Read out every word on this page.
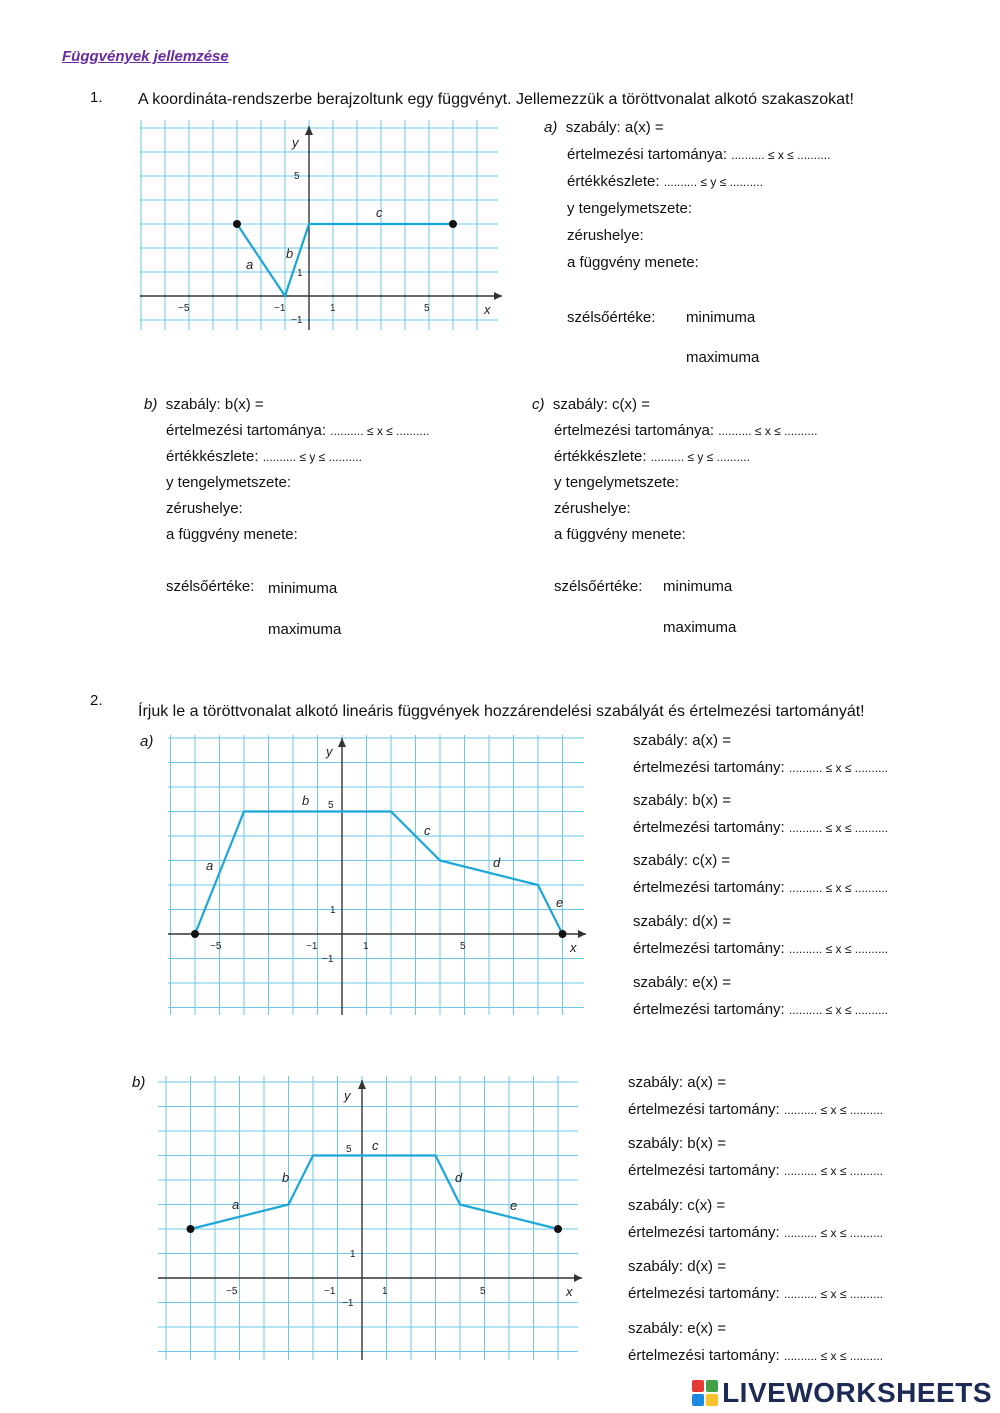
Függvények jellemzése
1. A koordináta-rendszerbe berajzoltunk egy függvényt. Jellemezzük a töröttvonalat alkotó szakaszokat!
x
y
−5	−1	1	5
5
1
−1
a
b
c
a) szabály: a(x) =
értelmezési tartománya: .......... ≤ x ≤ ..........
értékkészlete: .......... ≤ y ≤ ..........
y tengelymetszete:
zérushelye:
a függvény menete:
szélsőértéke: minimuma
maximuma
b) szabály: b(x) =
értelmezési tartománya: .......... ≤ x ≤ ..........
értékkészlete: .......... ≤ y ≤ ..........
y tengelymetszete:
zérushelye:
a függvény menete:
szélsőértéke: minimuma
maximuma
c) szabály: c(x) =
értelmezési tartománya: .......... ≤ x ≤ ..........
értékkészlete: .......... ≤ y ≤ ..........
y tengelymetszete:
zérushelye:
a függvény menete:
szélsőértéke: minimuma
maximuma
2.
Írjuk le a töröttvonalat alkotó lineáris függvények hozzárendelési szabályát és értelmezési tartományát!
a)
b)
x
y
−5	−1	1	5
5
1
−1
a
b
c
d
e
x
y
−5	−1	1	5
5
1
−1
a
b
c
d
e
szabály: a(x) =
értelmezési tartomány: .......... ≤ x ≤ ..........
szabály: b(x) =
értelmezési tartomány: .......... ≤ x ≤ ..........
szabály: c(x) =
értelmezési tartomány: .......... ≤ x ≤ ..........
szabály: d(x) =
értelmezési tartomány: .......... ≤ x ≤ ..........
szabály: e(x) =
értelmezési tartomány: .......... ≤ x ≤ ..........
szabály: a(x) =
értelmezési tartomány: .......... ≤ x ≤ ..........
szabály: b(x) =
értelmezési tartomány: .......... ≤ x ≤ ..........
szabály: c(x) =
értelmezési tartomány: .......... ≤ x ≤ ..........
szabály: d(x) =
értelmezési tartomány: .......... ≤ x ≤ ..........
szabály: e(x) =
értelmezési tartomány: .......... ≤ x ≤ ..........
LIVEWORKSHEETS
